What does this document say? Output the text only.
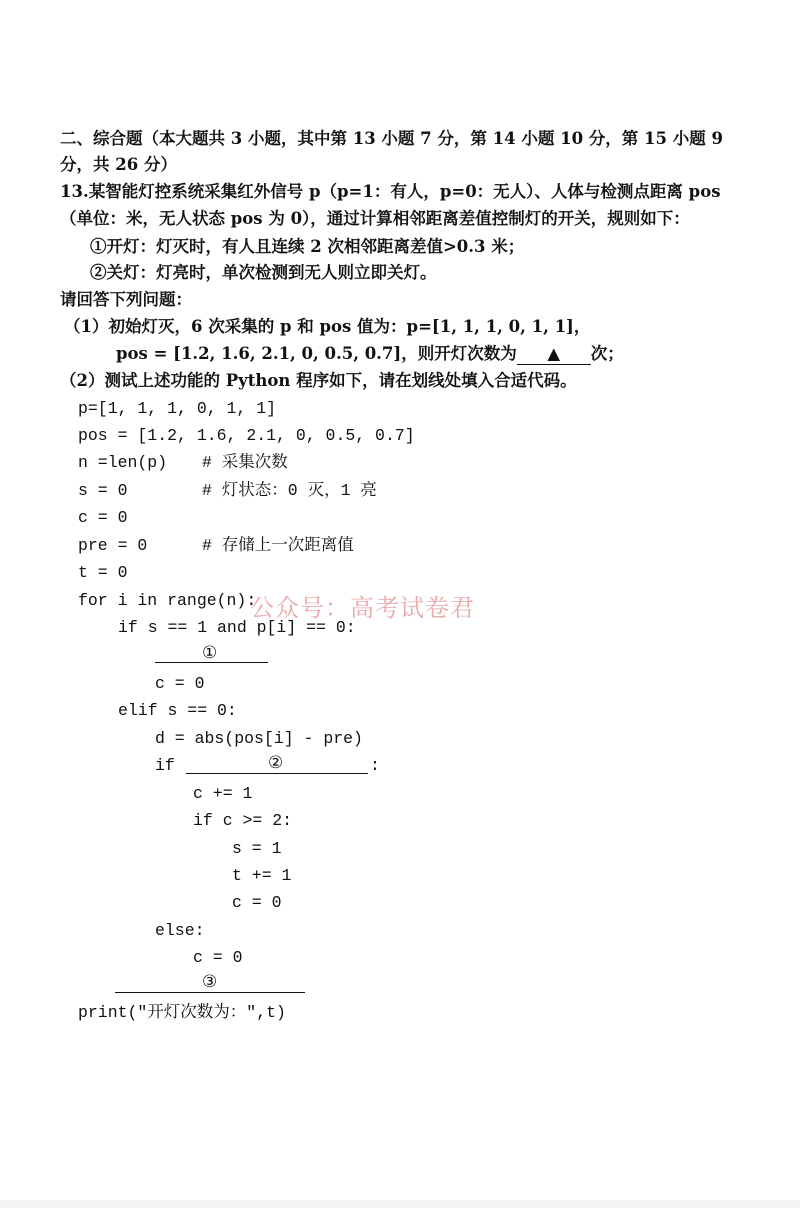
二、综合题（本大题共 3 小题，其中第 13 小题 7 分，第 14 小题 10 分，第 15 小题 9
分，共 26 分）
13.某智能灯控系统采集红外信号 p（p=1：有人，p=0：无人）、人体与检测点距离 pos
（单位：米，无人状态 pos 为 0），通过计算相邻距离差值控制灯的开关，规则如下：
①开灯：灯灭时，有人且连续 2 次相邻距离差值>0.3 米；
②关灯：灯亮时，单次检测到无人则立即关灯。
请回答下列问题：
（1）初始灯灭，6 次采集的 p 和 pos 值为：p=[1, 1, 1, 0, 1, 1]，
pos = [1.2, 1.6, 2.1, 0, 0.5, 0.7]，则开灯次数为 ▲ 次；
（2）测试上述功能的 Python 程序如下，请在划线处填入合适代码。
p=[1, 1, 1, 0, 1, 1]
pos = [1.2, 1.6, 2.1, 0, 0.5, 0.7]
n =len(p) # 采集次数
s = 0	# 灯状态：0 灭，1 亮
c = 0
pre = 0	# 存储上一次距离值
t = 0
for i in range(n):
if s == 1 and p[i] == 0:
①
c = 0
elif s == 0:
d = abs(pos[i] - pre)
if	②	:
c += 1
if c >= 2:
s = 1
t += 1
c = 0
else:
c = 0
③
print("开灯次数为：",t)
公众号：高考试卷君
